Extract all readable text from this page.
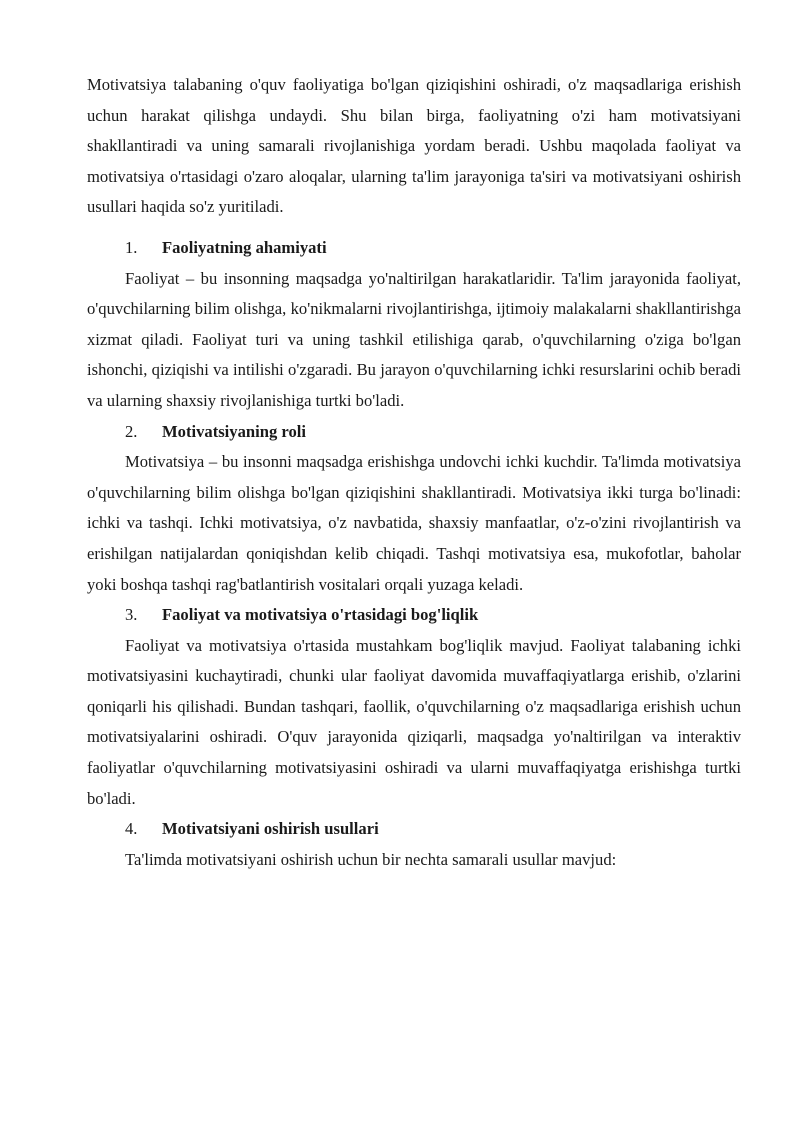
Motivatsiya talabaning o'quv faoliyatiga bo'lgan qiziqishini oshiradi, o'z maqsadlariga erishish uchun harakat qilishga undaydi. Shu bilan birga, faoliyatning o'zi ham motivatsiyani shakllantiradi va uning samarali rivojlanishiga yordam beradi. Ushbu maqolada faoliyat va motivatsiya o'rtasidagi o'zaro aloqalar, ularning ta'lim jarayoniga ta'siri va motivatsiyani oshirish usullari haqida so'z yuritiladi.

1.	Faoliyatning ahamiyati

Faoliyat – bu insonning maqsadga yo'naltirilgan harakatlaridir. Ta'lim jarayonida faoliyat, o'quvchilarning bilim olishga, ko'nikmalarni rivojlantirishga, ijtimoiy malakalarni shakllantirishga xizmat qiladi. Faoliyat turi va uning tashkil etilishiga qarab, o'quvchilarning o'ziga bo'lgan ishonchi, qiziqishi va intilishi o'zgaradi. Bu jarayon o'quvchilarning ichki resurslarini ochib beradi va ularning shaxsiy rivojlanishiga turtki bo'ladi.

2.	Motivatsiyaning roli

Motivatsiya – bu insonni maqsadga erishishga undovchi ichki kuchdir. Ta'limda motivatsiya o'quvchilarning bilim olishga bo'lgan qiziqishini shakllantiradi. Motivatsiya ikki turga bo'linadi: ichki va tashqi. Ichki motivatsiya, o'z navbatida, shaxsiy manfaatlar, o'z-o'zini rivojlantirish va erishilgan natijalardan qoniqishdan kelib chiqadi. Tashqi motivatsiya esa, mukofotlar, baholar yoki boshqa tashqi rag'batlantirish vositalari orqali yuzaga keladi.

3.	Faoliyat va motivatsiya o'rtasidagi bog'liqlik

Faoliyat va motivatsiya o'rtasida mustahkam bog'liqlik mavjud. Faoliyat talabaning ichki motivatsiyasini kuchaytiradi, chunki ular faoliyat davomida muvaffaqiyatlarga erishib, o'zlarini qoniqarli his qilishadi. Bundan tashqari, faollik, o'quvchilarning o'z maqsadlariga erishish uchun motivatsiyalarini oshiradi. O'quv jarayonida qiziqarli, maqsadga yo'naltirilgan va interaktiv faoliyatlar o'quvchilarning motivatsiyasini oshiradi va ularni muvaffaqiyatga erishishga turtki bo'ladi.

4.	Motivatsiyani oshirish usullari

Ta'limda motivatsiyani oshirish uchun bir nechta samarali usullar mavjud:
